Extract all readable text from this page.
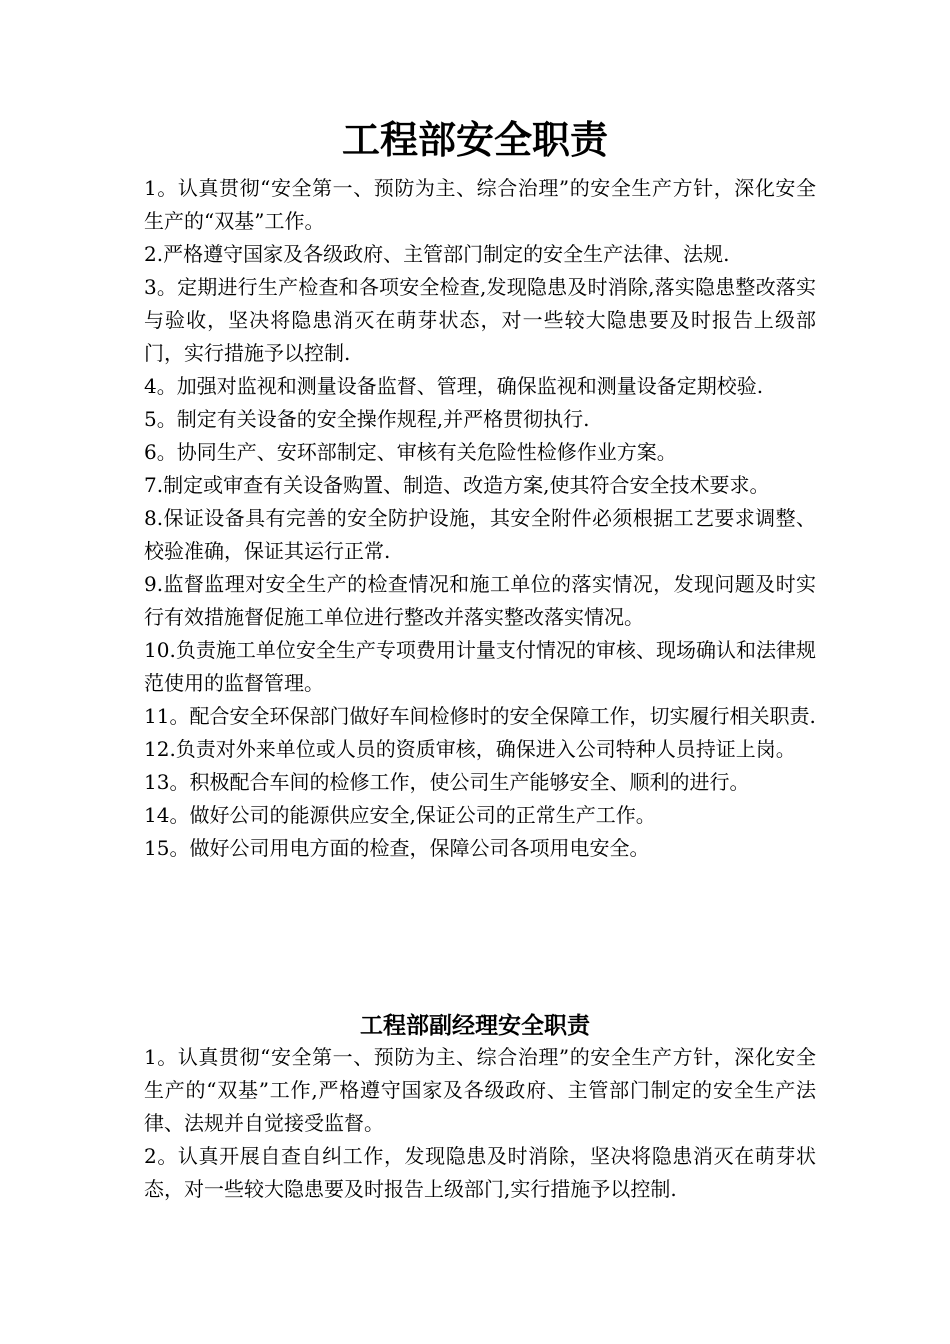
工程部安全职责
1。认真贯彻“安全第一、预防为主、综合治理”的安全生产方针，深化安全生产的“双基”工作。
2.严格遵守国家及各级政府、主管部门制定的安全生产法律、法规.
3。定期进行生产检查和各项安全检查,发现隐患及时消除,落实隐患整改落实与验收，坚决将隐患消灭在萌芽状态，对一些较大隐患要及时报告上级部门，实行措施予以控制.
4。加强对监视和测量设备监督、管理，确保监视和测量设备定期校验.
5。制定有关设备的安全操作规程,并严格贯彻执行.
6。协同生产、安环部制定、审核有关危险性检修作业方案。
7.制定或审查有关设备购置、制造、改造方案,使其符合安全技术要求。
8.保证设备具有完善的安全防护设施，其安全附件必须根据工艺要求调整、校验准确，保证其运行正常.
9.监督监理对安全生产的检查情况和施工单位的落实情况，发现问题及时实行有效措施督促施工单位进行整改并落实整改落实情况。
10.负责施工单位安全生产专项费用计量支付情况的审核、现场确认和法律规范使用的监督管理。
11。配合安全环保部门做好车间检修时的安全保障工作，切实履行相关职责.
12.负责对外来单位或人员的资质审核，确保进入公司特种人员持证上岗。
13。积极配合车间的检修工作，使公司生产能够安全、顺利的进行。
14。做好公司的能源供应安全,保证公司的正常生产工作。
15。做好公司用电方面的检查，保障公司各项用电安全。
工程部副经理安全职责
1。认真贯彻“安全第一、预防为主、综合治理”的安全生产方针，深化安全生产的“双基”工作,严格遵守国家及各级政府、主管部门制定的安全生产法律、法规并自觉接受监督。
2。认真开展自查自纠工作，发现隐患及时消除，坚决将隐患消灭在萌芽状态，对一些较大隐患要及时报告上级部门,实行措施予以控制.
